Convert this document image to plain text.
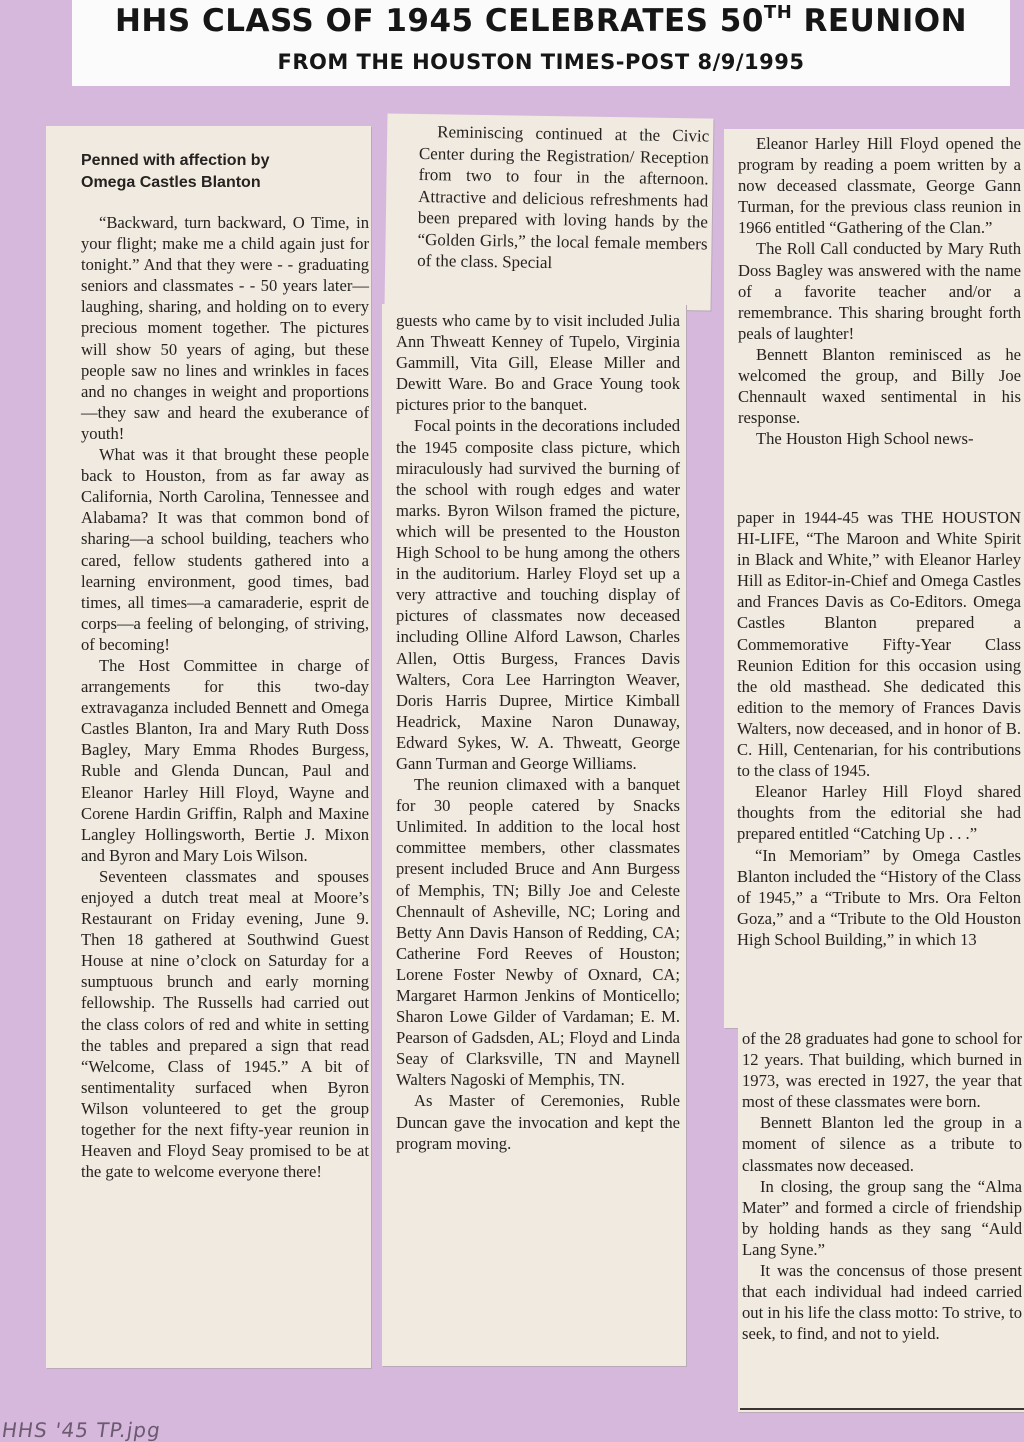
HHS CLASS OF 1945 CELEBRATES 50TH REUNION
FROM THE HOUSTON TIMES-POST 8/9/1995
Penned with affection by
Omega Castles Blanton

“Backward, turn backward, O Time, in your flight; make me a child again just for tonight.” And that they were - - graduating seniors and classmates - - 50 years later—laughing, sharing, and holding on to every precious moment together. The pictures will show 50 years of aging, but these people saw no lines and wrinkles in faces and no changes in weight and proportions—they saw and heard the exuberance of youth!

What was it that brought these people back to Houston, from as far away as California, North Carolina, Tennessee and Alabama? It was that common bond of sharing—a school building, teachers who cared, fellow students gathered into a learning environment, good times, bad times, all times—a camaraderie, esprit de corps—a feeling of belonging, of striving, of becoming!

The Host Committee in charge of arrangements for this two-day extravaganza included Bennett and Omega Castles Blanton, Ira and Mary Ruth Doss Bagley, Mary Emma Rhodes Burgess, Ruble and Glenda Duncan, Paul and Eleanor Harley Hill Floyd, Wayne and Corene Hardin Griffin, Ralph and Maxine Langley Hollingsworth, Bertie J. Mixon and Byron and Mary Lois Wilson.

Seventeen classmates and spouses enjoyed a dutch treat meal at Moore’s Restaurant on Friday evening, June 9. Then 18 gathered at Southwind Guest House at nine o’clock on Saturday for a sumptuous brunch and early morning fellowship. The Russells had carried out the class colors of red and white in setting the tables and prepared a sign that read “Welcome, Class of 1945.” A bit of sentimentality surfaced when Byron Wilson volunteered to get the group together for the next fifty-year reunion in Heaven and Floyd Seay promised to be at the gate to welcome everyone there!

Reminiscing continued at the Civic Center during the Registration/ Reception from two to four in the afternoon. Attractive and delicious refreshments had been prepared with loving hands by the “Golden Girls,” the local female members of the class. Special

guests who came by to visit included Julia Ann Thweatt Kenney of Tupelo, Virginia Gammill, Vita Gill, Elease Miller and Dewitt Ware. Bo and Grace Young took pictures prior to the banquet.

Focal points in the decorations included the 1945 composite class picture, which miraculously had survived the burning of the school with rough edges and water marks. Byron Wilson framed the picture, which will be presented to the Houston High School to be hung among the others in the auditorium. Harley Floyd set up a very attractive and touching display of pictures of classmates now deceased including Olline Alford Lawson, Charles Allen, Ottis Burgess, Frances Davis Walters, Cora Lee Harrington Weaver, Doris Harris Dupree, Mirtice Kimball Headrick, Maxine Naron Dunaway, Edward Sykes, W. A. Thweatt, George Gann Turman and George Williams.

The reunion climaxed with a banquet for 30 people catered by Snacks Unlimited. In addition to the local host committee members, other classmates present included Bruce and Ann Burgess of Memphis, TN; Billy Joe and Celeste Chennault of Asheville, NC; Loring and Betty Ann Davis Hanson of Redding, CA; Catherine Ford Reeves of Houston; Lorene Foster Newby of Oxnard, CA; Margaret Harmon Jenkins of Monticello; Sharon Lowe Gilder of Vardaman; E. M. Pearson of Gadsden, AL; Floyd and Linda Seay of Clarksville, TN and Maynell Walters Nagoski of Memphis, TN.

As Master of Ceremonies, Ruble Duncan gave the invocation and kept the program moving.

Eleanor Harley Hill Floyd opened the program by reading a poem written by a now deceased classmate, George Gann Turman, for the previous class reunion in 1966 entitled “Gathering of the Clan.”

The Roll Call conducted by Mary Ruth Doss Bagley was answered with the name of a favorite teacher and/or a remembrance. This sharing brought forth peals of laughter!

Bennett Blanton reminisced as he welcomed the group, and Billy Joe Chennault waxed sentimental in his response.

The Houston High School news-

paper in 1944-45 was THE HOUSTON HI-LIFE, “The Maroon and White Spirit in Black and White,” with Eleanor Harley Hill as Editor-in-Chief and Omega Castles and Frances Davis as Co-Editors. Omega Castles Blanton prepared a Commemorative Fifty-Year Class Reunion Edition for this occasion using the old masthead. She dedicated this edition to the memory of Frances Davis Walters, now deceased, and in honor of B. C. Hill, Centenarian, for his contributions to the class of 1945.

Eleanor Harley Hill Floyd shared thoughts from the editorial she had prepared entitled “Catching Up . . .”

“In Memoriam” by Omega Castles Blanton included the “History of the Class of 1945,” a “Tribute to Mrs. Ora Felton Goza,” and a “Tribute to the Old Houston High School Building,” in which 13

of the 28 graduates had gone to school for 12 years. That building, which burned in 1973, was erected in 1927, the year that most of these classmates were born.

Bennett Blanton led the group in a moment of silence as a tribute to classmates now deceased.

In closing, the group sang the “Alma Mater” and formed a circle of friendship by holding hands as they sang “Auld Lang Syne.”

It was the concensus of those present that each individual had indeed carried out in his life the class motto: To strive, to seek, to find, and not to yield.

HHS '45 TP.jpg
